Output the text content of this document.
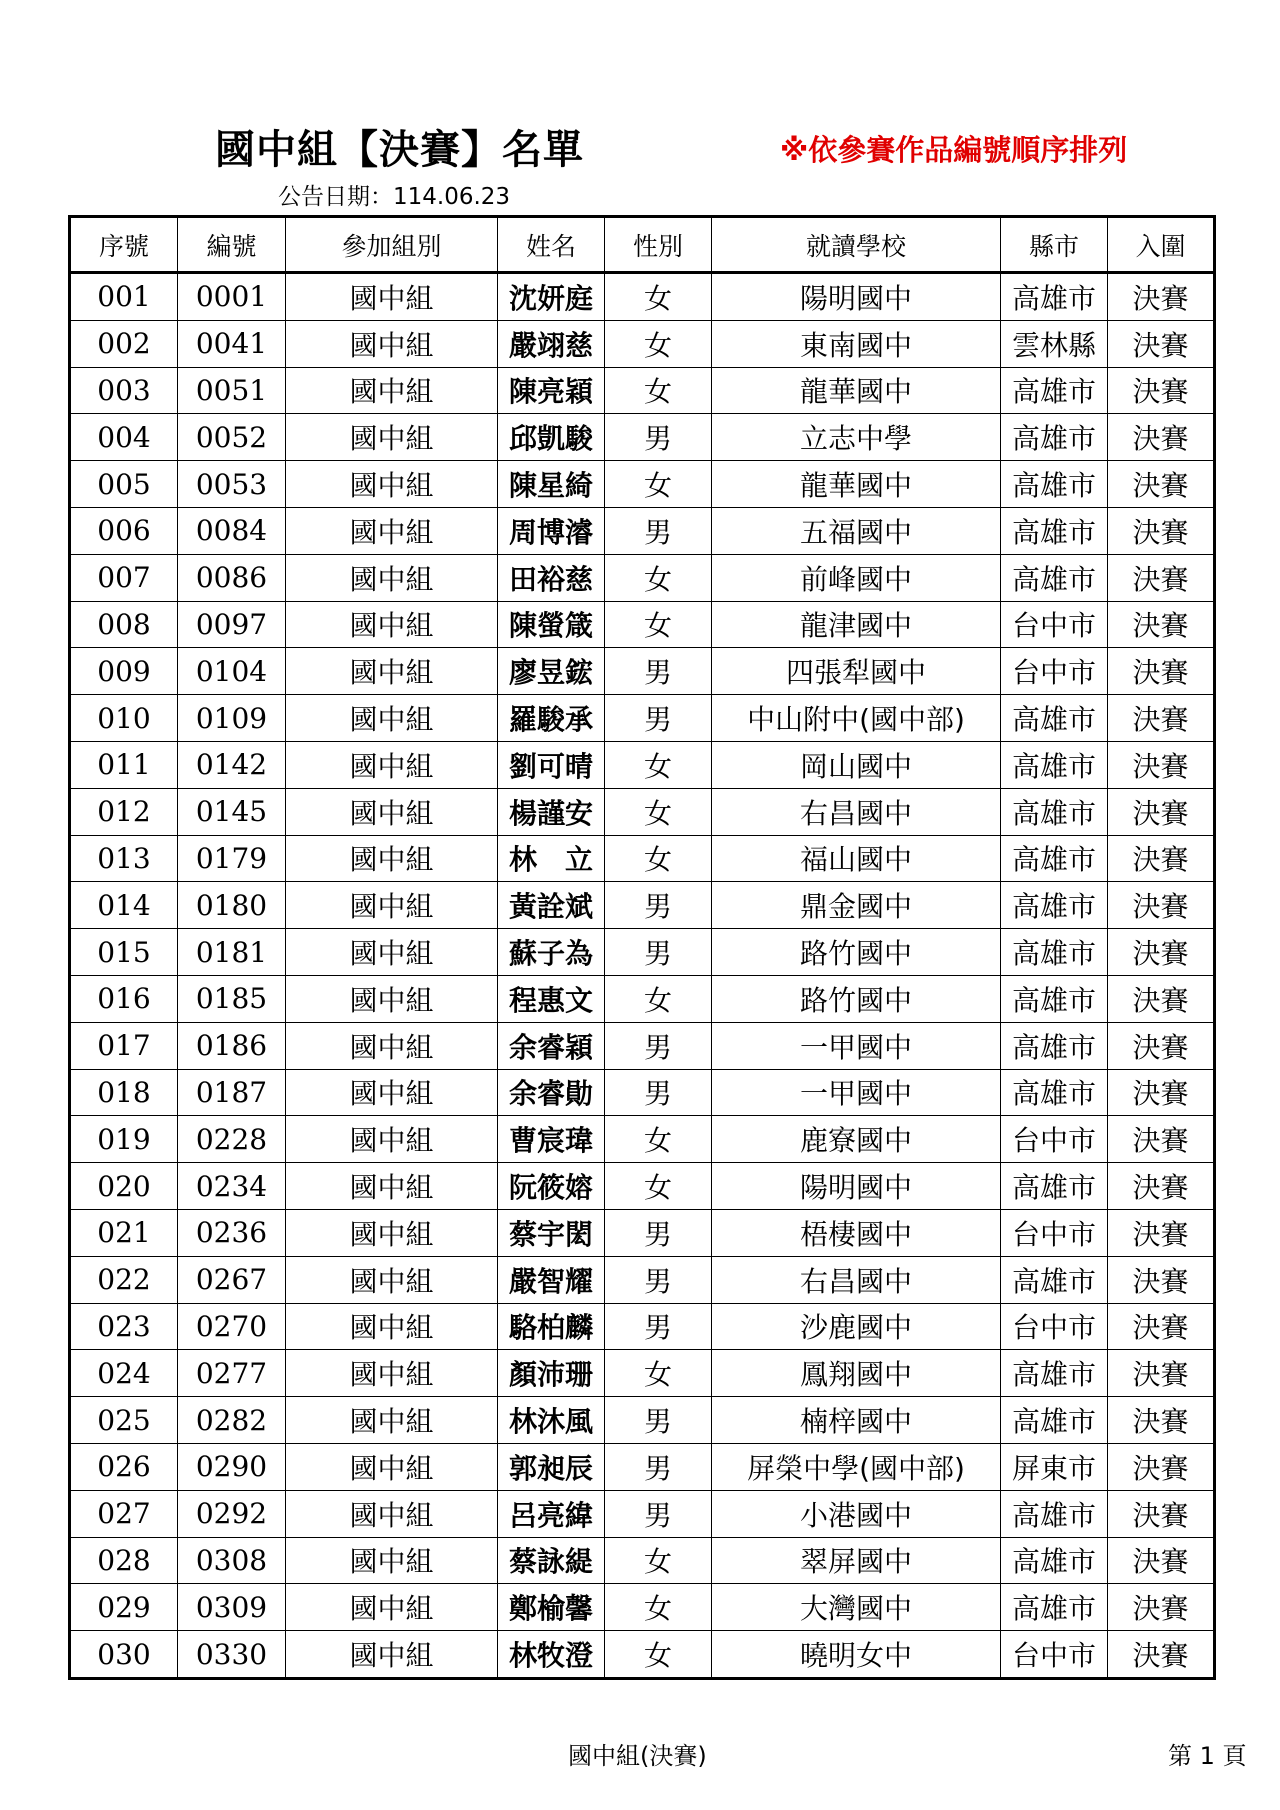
國中組【決賽】名單	※依參賽作品編號順序排列
公告日期：114.06.23
序號	編號	參加組別	姓名	性別	就讀學校	縣市	入圍
001	0001	國中組	沈妍庭	女	陽明國中	高雄市	決賽
002	0041	國中組	嚴翊慈	女	東南國中	雲林縣	決賽
003	0051	國中組	陳亮穎	女	龍華國中	高雄市	決賽
004	0052	國中組	邱凱駿	男	立志中學	高雄市	決賽
005	0053	國中組	陳星綺	女	龍華國中	高雄市	決賽
006	0084	國中組	周博濬	男	五福國中	高雄市	決賽
007	0086	國中組	田裕慈	女	前峰國中	高雄市	決賽
008	0097	國中組	陳螢箴	女	龍津國中	台中市	決賽
009	0104	國中組	廖昱鋐	男	四張犁國中	台中市	決賽
010	0109	國中組	羅駿承	男	中山附中(國中部)	高雄市	決賽
011	0142	國中組	劉可晴	女	岡山國中	高雄市	決賽
012	0145	國中組	楊謹安	女	右昌國中	高雄市	決賽
013	0179	國中組	林　立	女	福山國中	高雄市	決賽
014	0180	國中組	黃詮斌	男	鼎金國中	高雄市	決賽
015	0181	國中組	蘇子為	男	路竹國中	高雄市	決賽
016	0185	國中組	程惠文	女	路竹國中	高雄市	決賽
017	0186	國中組	余睿穎	男	一甲國中	高雄市	決賽
018	0187	國中組	余睿勛	男	一甲國中	高雄市	決賽
019	0228	國中組	曹宸瑋	女	鹿寮國中	台中市	決賽
020	0234	國中組	阮筱嫆	女	陽明國中	高雄市	決賽
021	0236	國中組	蔡宇閎	男	梧棲國中	台中市	決賽
022	0267	國中組	嚴智耀	男	右昌國中	高雄市	決賽
023	0270	國中組	駱柏麟	男	沙鹿國中	台中市	決賽
024	0277	國中組	顏沛珊	女	鳳翔國中	高雄市	決賽
025	0282	國中組	林沐風	男	楠梓國中	高雄市	決賽
026	0290	國中組	郭昶辰	男	屏榮中學(國中部)	屏東市	決賽
027	0292	國中組	呂亮緯	男	小港國中	高雄市	決賽
028	0308	國中組	蔡詠緹	女	翠屏國中	高雄市	決賽
029	0309	國中組	鄭榆馨	女	大灣國中	高雄市	決賽
030	0330	國中組	林牧澄	女	曉明女中	台中市	決賽
國中組(決賽)	第 1 頁
